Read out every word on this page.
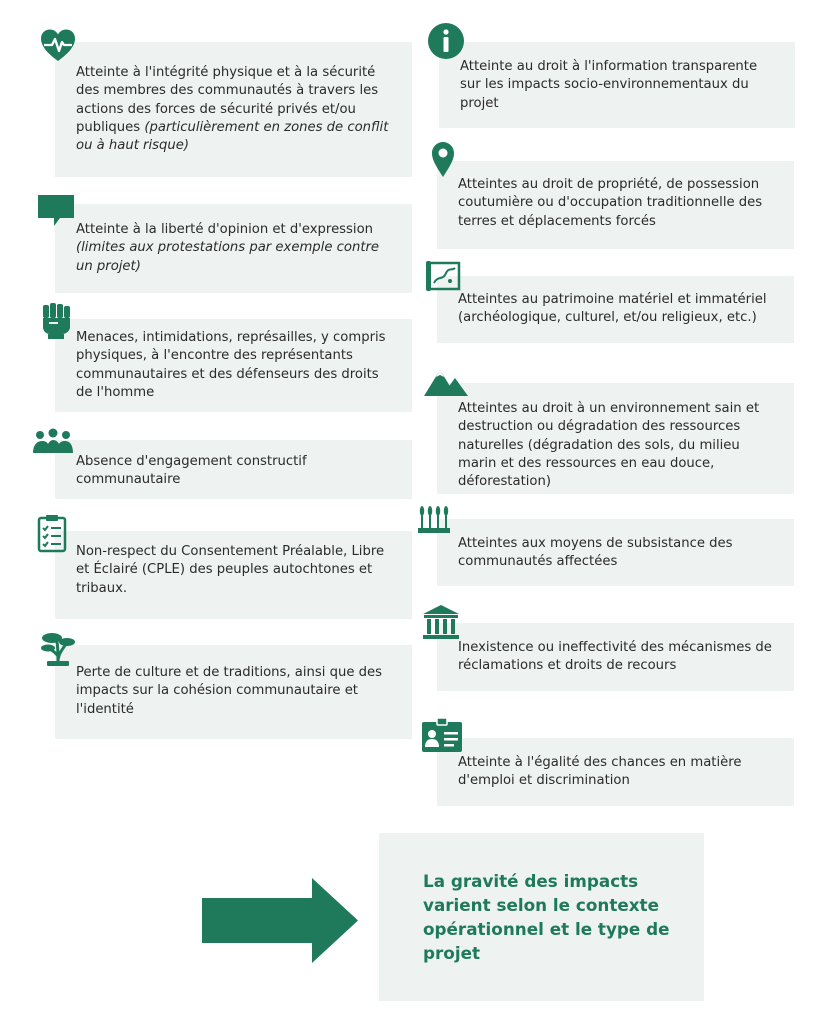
Atteinte à l'intégrité physique et à la sécurité des membres des communautés à travers les actions des forces de sécurité privés et/ou publiques (particulièrement en zones de conflit ou à haut risque)

Atteinte à la liberté d'opinion et d'expression (limites aux protestations par exemple contre un projet)

Menaces, intimidations, représailles, y compris physiques, à l'encontre des représentants communautaires et des défenseurs des droits de l'homme

Absence d'engagement constructif communautaire

Non-respect du Consentement Préalable, Libre et Éclairé (CPLE) des peuples autochtones et tribaux.

Perte de culture et de traditions, ainsi que des impacts sur la cohésion communautaire et l'identité

Atteinte au droit à l'information transparente sur les impacts socio-environnementaux du projet

Atteintes au droit de propriété, de possession coutumière ou d'occupation traditionnelle des terres et déplacements forcés

Atteintes au patrimoine matériel et immatériel (archéologique, culturel, et/ou religieux, etc.)

Atteintes au droit à un environnement sain et destruction ou dégradation des ressources naturelles (dégradation des sols, du milieu marin et des ressources en eau douce, déforestation)

Atteintes aux moyens de subsistance des communautés affectées

Inexistence ou ineffectivité des mécanismes de réclamations et droits de recours

Atteinte à l'égalité des chances en matière d'emploi et discrimination

La gravité des impacts varient selon le contexte opérationnel et le type de projet
